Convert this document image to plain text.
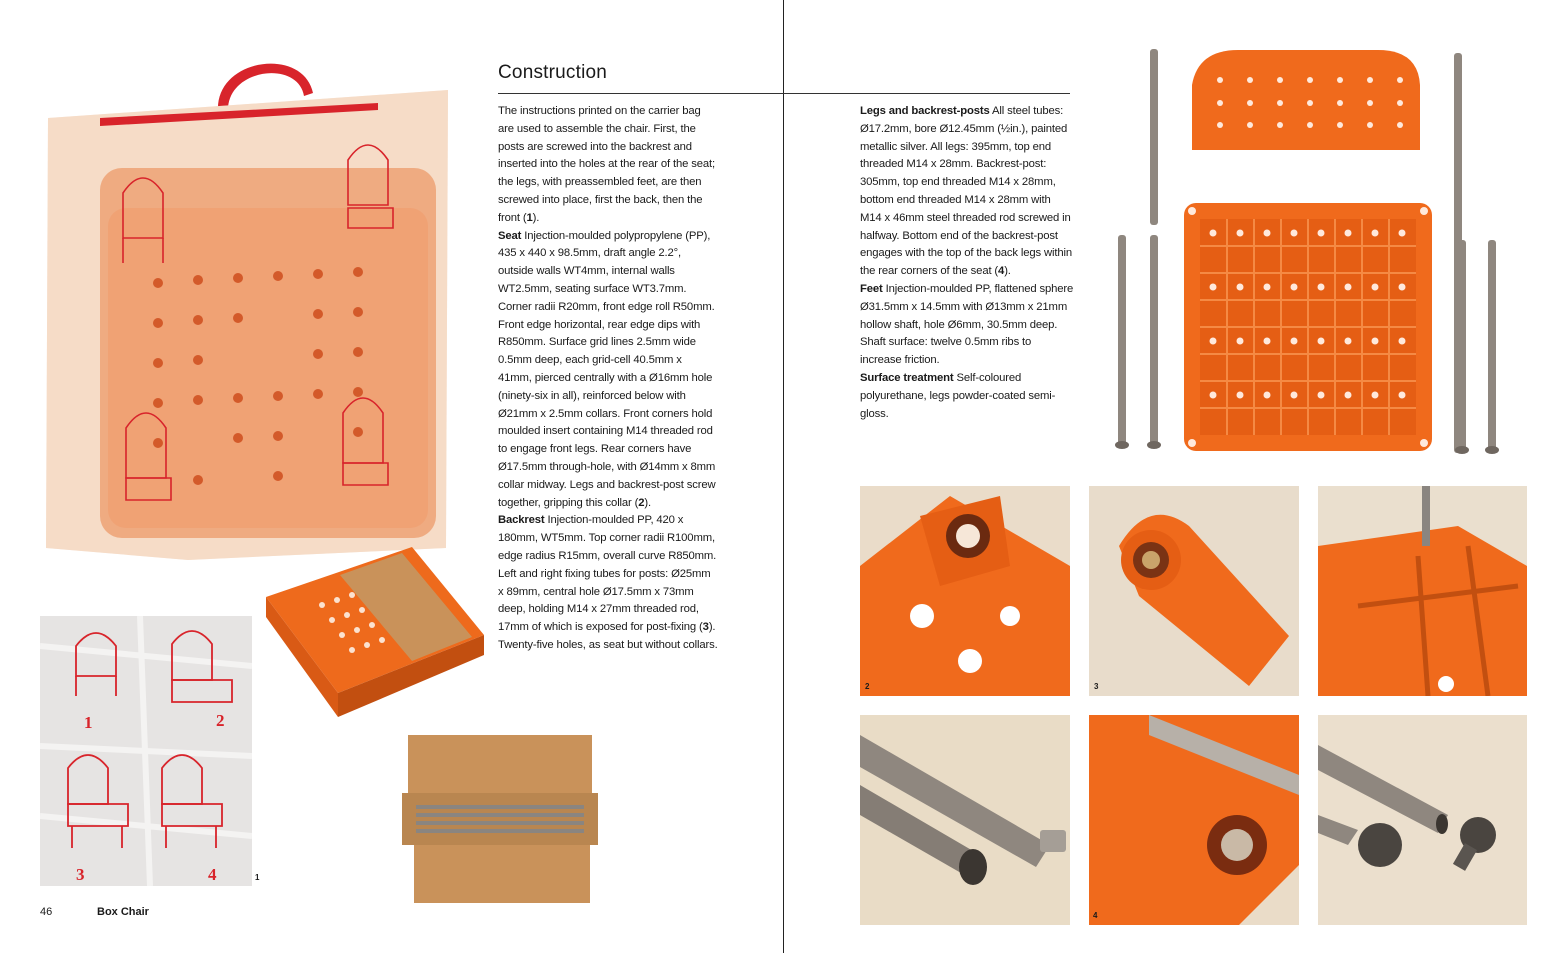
Construction
1	2
3	4	1

The instructions printed on the carrier bag are used to assemble the chair. First, the posts are screwed into the backrest and inserted into the holes at the rear of the seat; the legs, with preassembled feet, are then screwed into place, first the back, then the front (1).

Seat Injection-moulded polypropylene (PP), 435 x 440 x 98.5mm, draft angle 2.2°, outside walls WT4mm, internal walls WT2.5mm, seating surface WT3.7mm. Corner radii R20mm, front edge roll R50mm. Front edge horizontal, rear edge dips with R850mm. Surface grid lines 2.5mm wide 0.5mm deep, each grid-cell 40.5mm x 41mm, pierced centrally with a Ø16mm hole (ninety-six in all), reinforced below with Ø21mm x 2.5mm collars. Front corners hold moulded insert containing M14 threaded rod to engage front legs. Rear corners have Ø17.5mm through-hole, with Ø14mm x 8mm collar midway. Legs and backrest-post screw together, gripping this collar (2).

Backrest Injection-moulded PP, 420 x 180mm, WT5mm. Top corner radii R100mm, edge radius R15mm, overall curve R850mm. Left and right fixing tubes for posts: Ø25mm x 89mm, central hole Ø17.5mm x 73mm deep, holding M14 x 27mm threaded rod, 17mm of which is exposed for post-fixing (3). Twenty-five holes, as seat but without collars.

46	Box Chair

Legs and backrest-posts All steel tubes: Ø17.2mm, bore Ø12.45mm (½in.), painted metallic silver. All legs: 395mm, top end threaded M14 x 28mm. Backrest-post: 305mm, top end threaded M14 x 28mm, bottom end threaded M14 x 28mm with M14 x 46mm steel threaded rod screwed in halfway. Bottom end of the backrest-post engages with the top of the back legs within the rear corners of the seat (4).

Feet Injection-moulded PP, flattened sphere Ø31.5mm x 14.5mm with Ø13mm x 21mm hollow shaft, hole Ø6mm, 30.5mm deep. Shaft surface: twelve 0.5mm ribs to increase friction.

Surface treatment Self-coloured polyurethane, legs powder-coated semi-gloss.

2	3
4
